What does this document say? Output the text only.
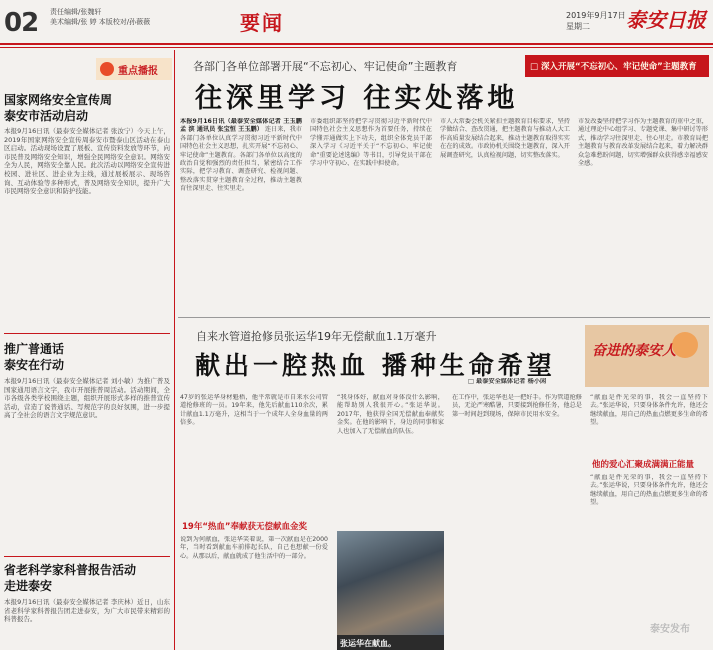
02 责任编辑/张魏轩
美术编辑/张 婷 本版校对/孙薇薇	要闻	2019年9月17日
星期二	泰安日报
重点播报
国家网络安全宣传周
泰安市活动启动
本报9月16日讯（最泰安全媒体记者 张汝宁）今天上午，2019年国家网络安全宣传周泰安市暨泰山区活动在泰山区启动。活动现场设置了展板、宣传资料发放等环节，向市民普及网络安全知识，增强全民网络安全意识。网络安全为人民，网络安全靠人民。此次活动以网络安全宣传进校园、进社区、进企业为主线，通过展板展示、现场咨询、互动体验等多种形式，普及网络安全知识，提升广大市民网络安全意识和防护技能。
推广普通话
泰安在行动
本报9月16日讯（最泰安全媒体记者 刘小敏）为推广普及国家通用语言文字，我市开展推普周活动。活动期间，全市各级各类学校围绕主题，组织开展形式多样的推普宣传活动，营造了说普通话、写规范字的良好氛围，进一步提高了全社会的语言文字规范意识。
省老科学家科普报告活动
走进泰安
本报9月16日讯（最泰安全媒体记者 李庆林）近日，山东省老科学家科普报告团走进泰安，为广大市民带来精彩的科普报告。
各部门各单位部署开展“不忘初心、牢记使命”主题教育	□ 深入开展“不忘初心、牢记使命”主题教育
往深里学习 往实处落地
本报9月16日讯（最泰安全媒体记者 王玉鹏 孟 滨 通讯员 张宝恒 王玉鹏） 连日来，我市各部门各单位认真学习贯彻习近平新时代中国特色社会主义思想，扎实开展“不忘初心、牢记使命”主题教育。各部门各单位以高度的政治自觉和强烈的责任担当，紧密结合工作实际，把学习教育、调查研究、检视问题、整改落实贯穿主题教育全过程，推动主题教育往深里走、往实里走。
市委组织部坚持把学习贯彻习近平新时代中国特色社会主义思想作为首要任务，持续在学懂弄通做实上下功夫，组织全体党员干部深入学习《习近平关于“不忘初心、牢记使命”重要论述选编》等书目，引导党员干部在学习中守初心、在实践中担使命。
市人大常委会机关紧扣主题教育目标要求，坚持学做结合、查改贯通，把主题教育与推动人大工作高质量发展结合起来，推动主题教育取得实实在在的成效。市政协机关围绕主题教育，深入开展调查研究，认真检视问题，切实整改落实。
市发改委坚持把学习作为主题教育的重中之重，通过理论中心组学习、专题党课、集中研讨等形式，推动学习往深里走、往心里走。市教育局把主题教育与教育改革发展结合起来，着力解决群众急难愁盼问题，切实增强群众获得感幸福感安全感。
自来水管道抢修员张运华19年无偿献血1.1万毫升
献出一腔热血 播种生命希望	奋进的泰安人
□ 最泰安全媒体记者 杨小闲
47岁的张运华身材魁梧，他平常就是市自来水公司管道抢修班的一员。19年来，他先后献血110余次，累计献血1.1万毫升，这相当于一个成年人全身血量的两倍多。
19年“热血”奉献获无偿献血金奖
说到为何献血，张运华笑着说，第一次献血是在2000年，当时看到献血车前排起长队，自己也想献一份爱心。从那以后，献血就成了他生活中的一部分。
“我身体好，献血对身体没什么影响，能帮助别人我很开心。”张运华说。2017年，他获得全国无偿献血奉献奖金奖。在他的影响下，身边的同事和家人也加入了无偿献血的队伍。
张运华在献血。
在工作中，张运华也是一把好手。作为管道抢修员，无论严寒酷暑，只要接到抢修任务，他总是第一时间赶到现场，保障市民用水安全。
“献血是件光荣的事，我会一直坚持下去。”张运华说，只要身体条件允许，他还会继续献血，用自己的热血点燃更多生命的希望。
他的爱心汇聚成满满正能量
“献血是件光荣的事，我会一直坚持下去。”张运华说，只要身体条件允许，他还会继续献血，用自己的热血点燃更多生命的希望。
泰安发布
